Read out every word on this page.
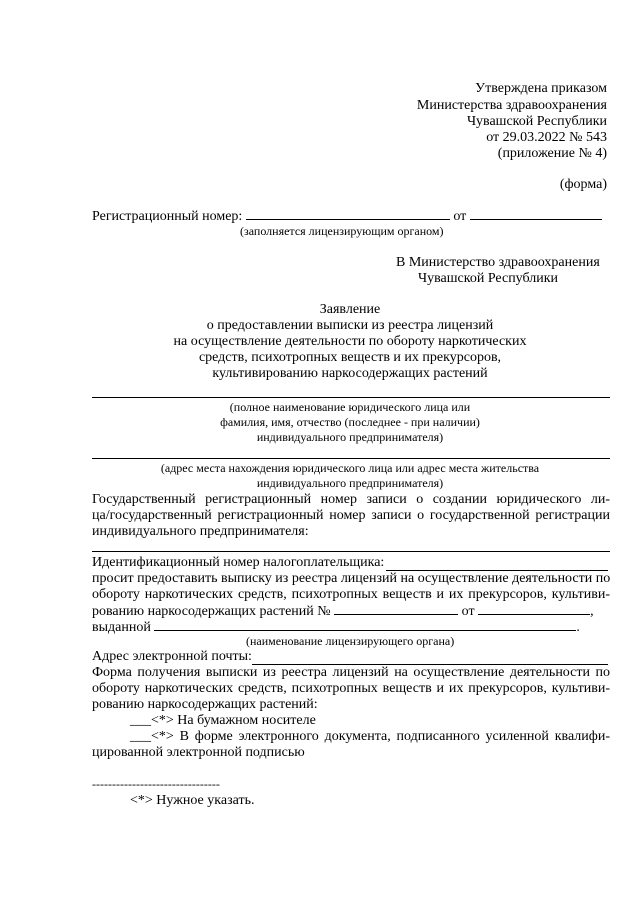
Утверждена приказом
Министерства здравоохранения
Чувашской Республики
от 29.03.2022 № 543
(приложение № 4)
(форма)
Регистрационный номер:	от
(заполняется лицензирующим органом)
В Министерство здравоохранения
Чувашской Республики
Заявление
о предоставлении выписки из реестра лицензий
на осуществление деятельности по обороту наркотических
средств, психотропных веществ и их прекурсоров,
культивированию наркосодержащих растений
(полное наименование юридического лица или
фамилия, имя, отчество (последнее - при наличии)
индивидуального предпринимателя)
(адрес места нахождения юридического лица или адрес места жительства
индивидуального предпринимателя)
Государственный регистрационный номер записи о создании юридического ли-
ца/государственный регистрационный номер записи о государственной регистрации
индивидуального предпринимателя:
Идентификационный номер налогоплательщика:
просит предоставить выписку из реестра лицензий на осуществление деятельности по
обороту наркотических средств, психотропных веществ и их прекурсоров, культиви-
рованию наркосодержащих растений №	от	,
выданной	.
(наименование лицензирующего органа)
Адрес электронной почты:
Форма получения выписки из реестра лицензий на осуществление деятельности по
обороту наркотических средств, психотропных веществ и их прекурсоров, культиви-
рованию наркосодержащих растений:
___<*> На бумажном носителе
___<*> В форме электронного документа, подписанного усиленной квалифи-
цированной электронной подписью
--------------------------------
<*> Нужное указать.
